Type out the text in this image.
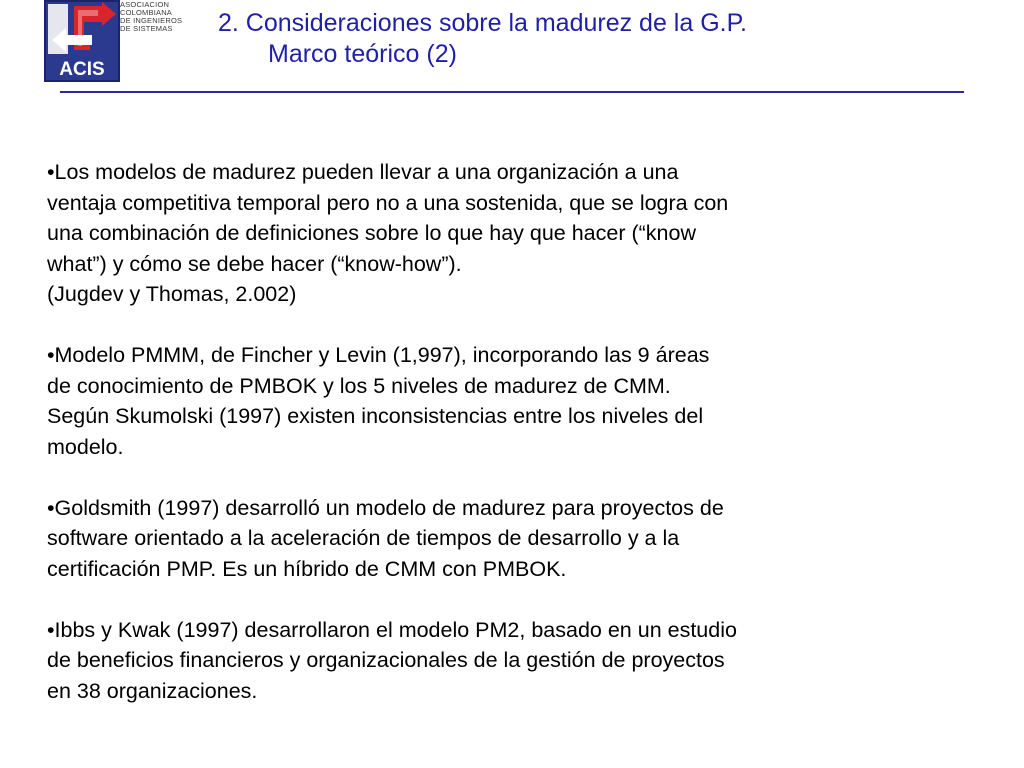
ACIS
ASOCIACION
COLOMBIANA
DE INGENIEROS
DE SISTEMAS	2. Consideraciones sobre la madurez de la G.P.
Marco teórico (2)

•Los modelos de madurez pueden llevar a una organización a una

ventaja competitiva temporal pero no a una sostenida, que se logra con

una combinación de definiciones sobre lo que hay que hacer (“know

what”) y cómo se debe hacer (“know-how”).

(Jugdev y Thomas, 2.002)

•Modelo PMMM, de Fincher y Levin (1,997), incorporando las 9 áreas

de conocimiento de PMBOK y los 5 niveles de madurez de CMM.

Según Skumolski (1997) existen inconsistencias entre los niveles del

modelo.

•Goldsmith (1997) desarrolló un modelo de madurez para proyectos de

software orientado a la aceleración de tiempos de desarrollo y a la

certificación PMP. Es un híbrido de CMM con PMBOK.

•Ibbs y Kwak (1997) desarrollaron el modelo PM2, basado en un estudio

de beneficios financieros y organizacionales de la gestión de proyectos

en 38 organizaciones.
